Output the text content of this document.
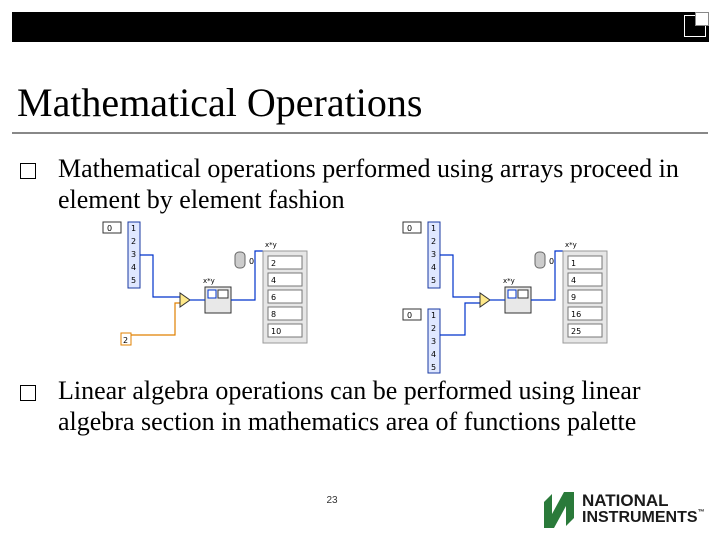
Mathematical Operations
Mathematical operations performed using arrays proceed in element by element fashion
0 1
2
3
4
5	x*y
0
x*y
2
4
6
8
10
2
0 1
2
3
4
5
0 1
2
3
4
5
x*y
0
x*y
1
4
9
16
25
Linear algebra operations can be performed using linear algebra section in mathematics area of functions palette
23	NATIONAL
INSTRUMENTS™
